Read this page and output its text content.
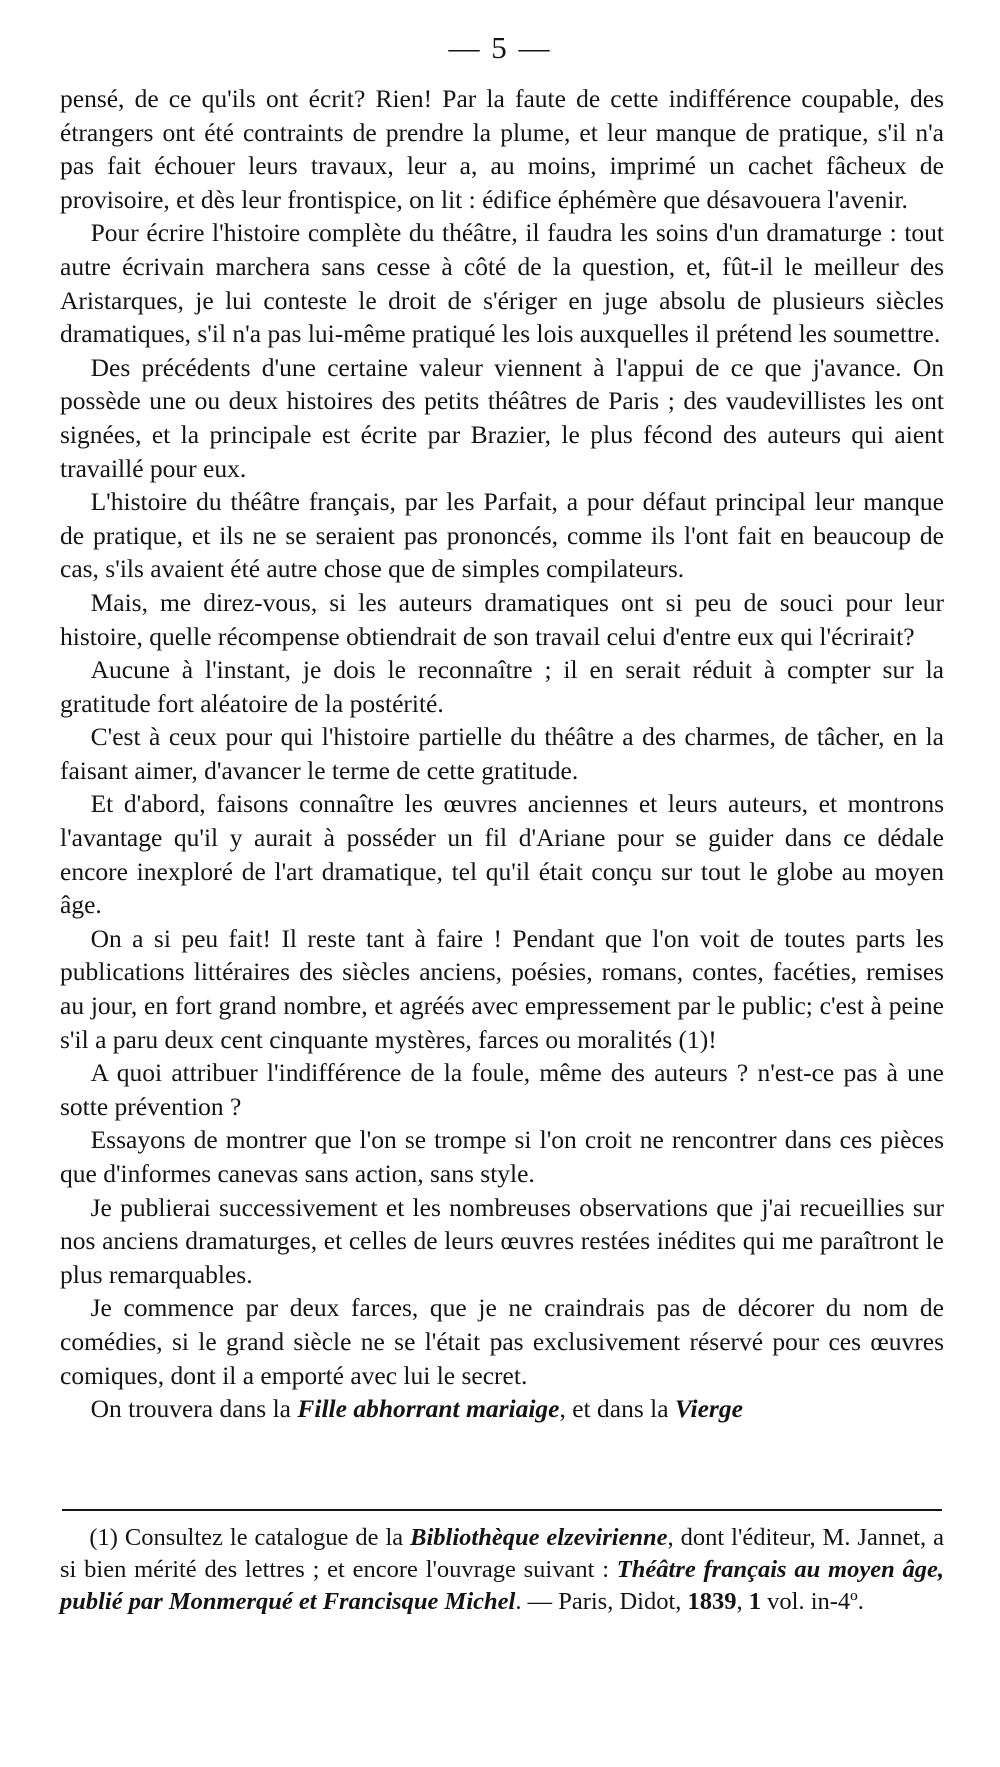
— 5 —

pensé, de ce qu'ils ont écrit? Rien! Par la faute de cette indifférence coupable, des étrangers ont été contraints de prendre la plume, et leur manque de pratique, s'il n'a pas fait échouer leurs travaux, leur a, au moins, imprimé un cachet fâcheux de provisoire, et dès leur frontispice, on lit : édifice éphémère que désavouera l'avenir.

Pour écrire l'histoire complète du théâtre, il faudra les soins d'un dramaturge : tout autre écrivain marchera sans cesse à côté de la question, et, fût-il le meilleur des Aristarques, je lui conteste le droit de s'ériger en juge absolu de plusieurs siècles dramatiques, s'il n'a pas lui-même pratiqué les lois auxquelles il prétend les soumettre.

Des précédents d'une certaine valeur viennent à l'appui de ce que j'avance. On possède une ou deux histoires des petits théâtres de Paris ; des vaudevillistes les ont signées, et la principale est écrite par Brazier, le plus fécond des auteurs qui aient travaillé pour eux.

L'histoire du théâtre français, par les Parfait, a pour défaut principal leur manque de pratique, et ils ne se seraient pas prononcés, comme ils l'ont fait en beaucoup de cas, s'ils avaient été autre chose que de simples compilateurs.

Mais, me direz-vous, si les auteurs dramatiques ont si peu de souci pour leur histoire, quelle récompense obtiendrait de son travail celui d'entre eux qui l'écrirait?

Aucune à l'instant, je dois le reconnaître ; il en serait réduit à compter sur la gratitude fort aléatoire de la postérité.

C'est à ceux pour qui l'histoire partielle du théâtre a des charmes, de tâcher, en la faisant aimer, d'avancer le terme de cette gratitude.

Et d'abord, faisons connaître les œuvres anciennes et leurs auteurs, et montrons l'avantage qu'il y aurait à posséder un fil d'Ariane pour se guider dans ce dédale encore inexploré de l'art dramatique, tel qu'il était conçu sur tout le globe au moyen âge.

On a si peu fait! Il reste tant à faire ! Pendant que l'on voit de toutes parts les publications littéraires des siècles anciens, poésies, romans, contes, facéties, remises au jour, en fort grand nombre, et agréés avec empressement par le public; c'est à peine s'il a paru deux cent cinquante mystères, farces ou moralités (1)!

A quoi attribuer l'indifférence de la foule, même des auteurs ? n'est-ce pas à une sotte prévention ?

Essayons de montrer que l'on se trompe si l'on croit ne rencontrer dans ces pièces que d'informes canevas sans action, sans style.

Je publierai successivement et les nombreuses observations que j'ai recueillies sur nos anciens dramaturges, et celles de leurs œuvres restées inédites qui me paraîtront le plus remarquables.

Je commence par deux farces, que je ne craindrais pas de décorer du nom de comédies, si le grand siècle ne se l'était pas exclusivement réservé pour ces œuvres comiques, dont il a emporté avec lui le secret.

On trouvera dans la Fille abhorrant mariaige, et dans la Vierge

(1) Consultez le catalogue de la Bibliothèque elzevirienne, dont l'éditeur, M. Jannet, a si bien mérité des lettres ; et encore l'ouvrage suivant : Théâtre français au moyen âge, publié par Monmerqué et Francisque Michel. — Paris, Didot, 1839, 1 vol. in-4º.
